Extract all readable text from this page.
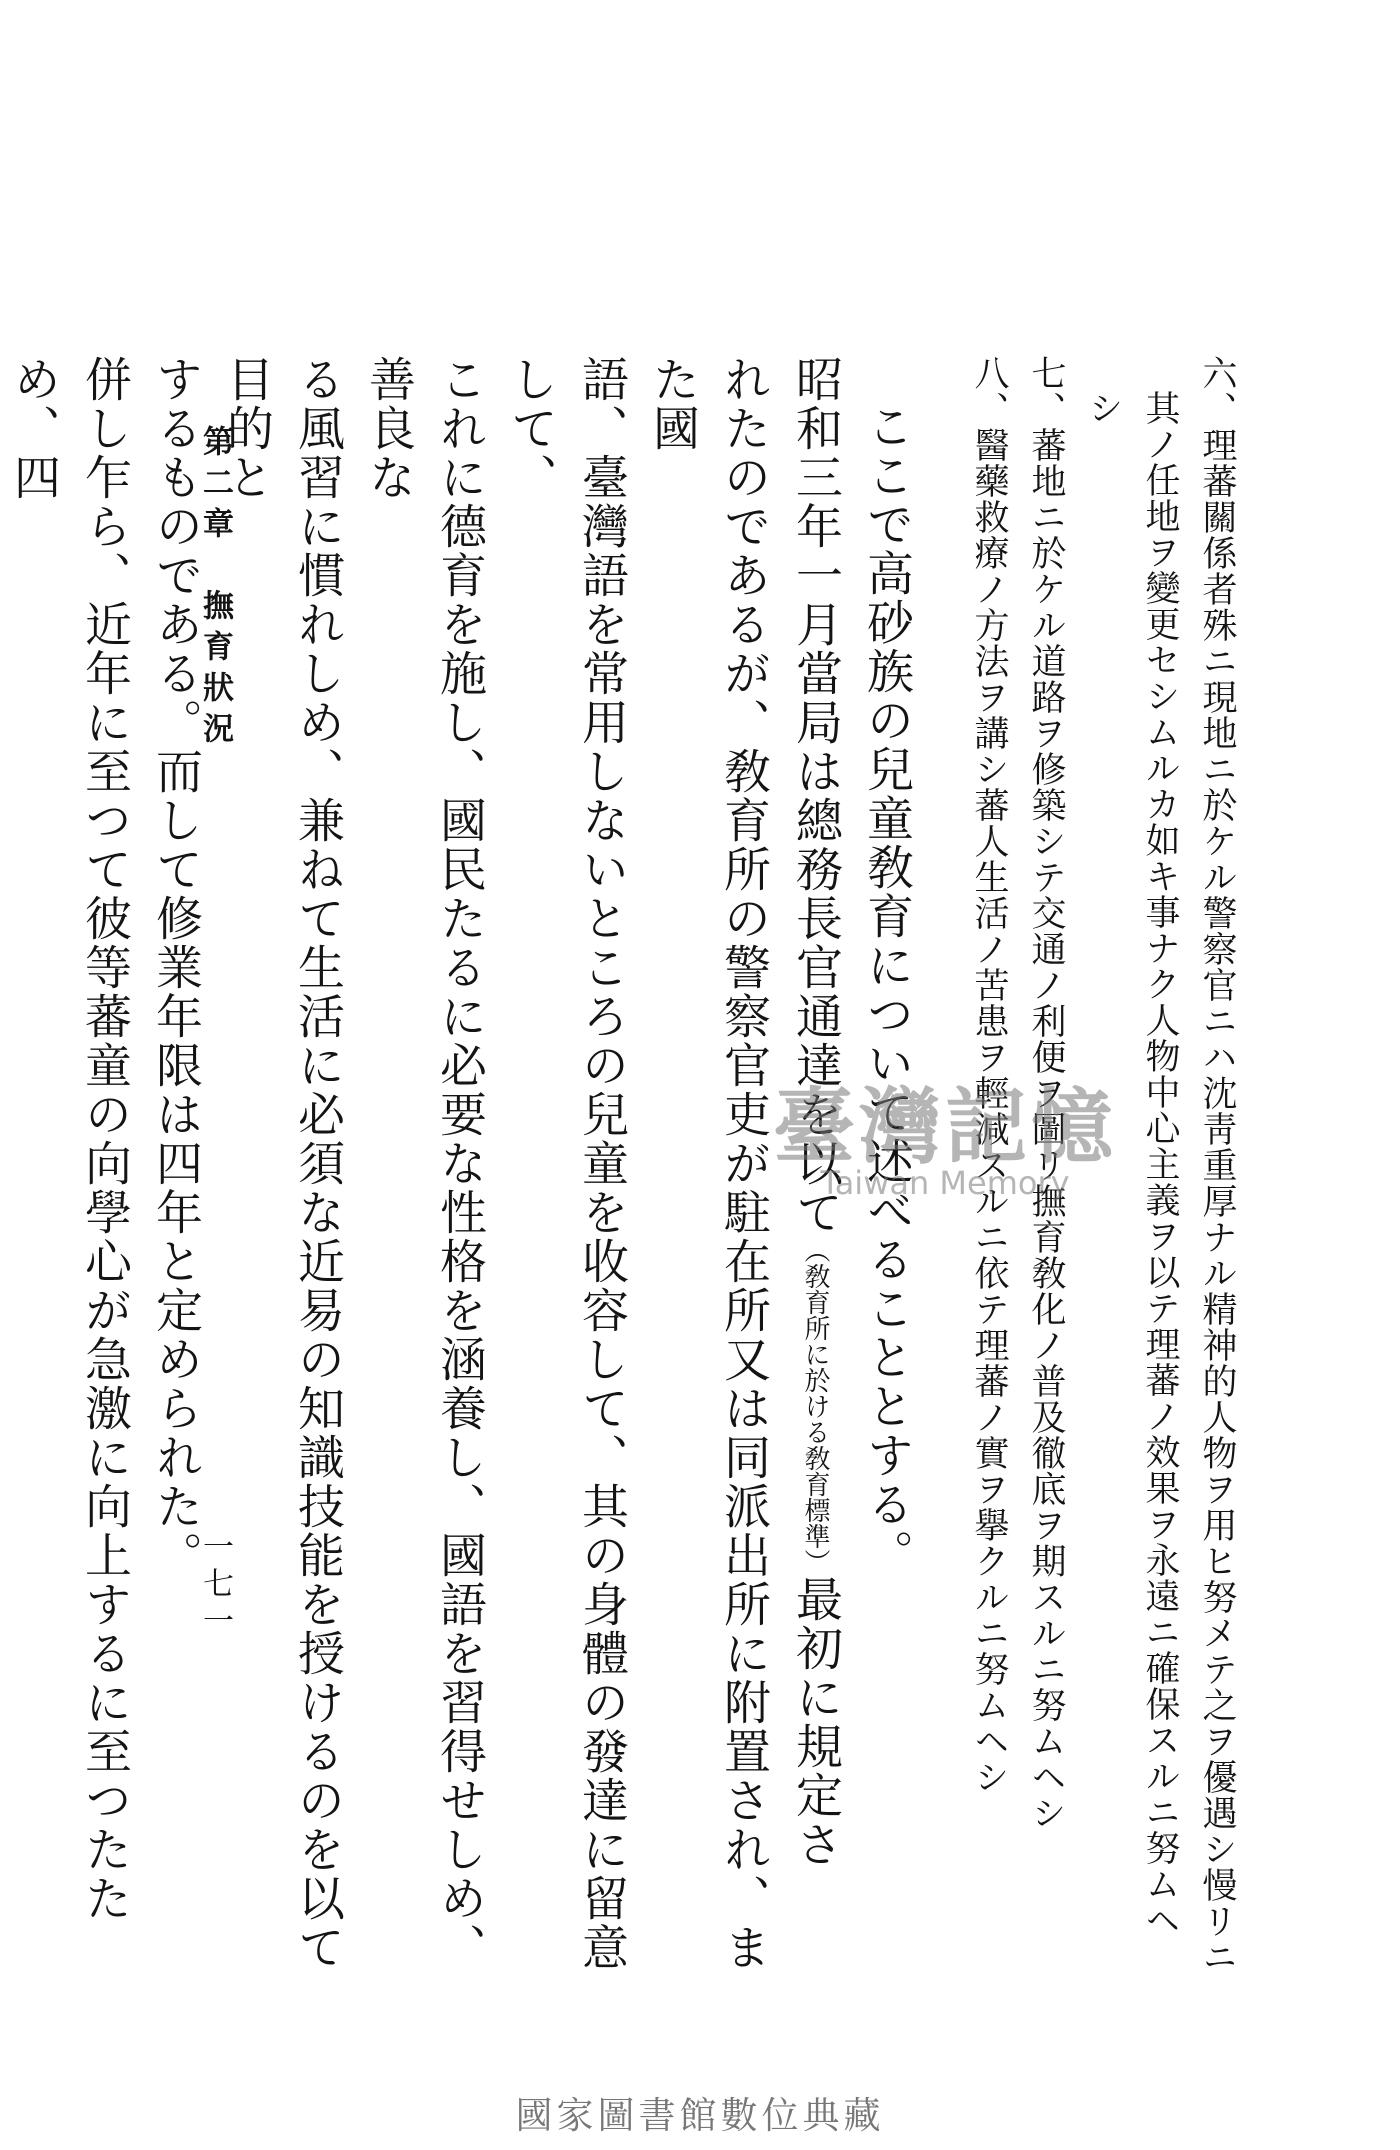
六、理蕃關係者殊ニ現地ニ於ケル警察官ニハ沈靑重厚ナル精神的人物ヲ用ヒ努メテ之ヲ優遇シ慢リニ
其ノ任地ヲ變更セシムルカ如キ事ナク人物中心主義ヲ以テ理蕃ノ效果ヲ永遠ニ確保スルニ努ムヘ
シ
七、蕃地ニ於ケル道路ヲ修築シテ交通ノ利便ヲ圖リ撫育敎化ノ普及徹底ヲ期スルニ努ムヘシ
八、醫藥救療ノ方法ヲ講シ蕃人生活ノ苦患ヲ輕減スルニ依テ理蕃ノ實ヲ擧クルニ努ムヘシ
ここで高砂族の兒童敎育について述べることとする。
昭和三年一月當局は總務長官通達を以て（敎育所に於ける敎育標準）最初に規定さ
れたのであるが、敎育所の警察官吏が駐在所又は同派出所に附置され、また國
語、臺灣語を常用しないところの兒童を收容して、其の身體の發達に留意して、
これに德育を施し、國民たるに必要な性格を涵養し、國語を習得せしめ、善良な
る風習に慣れしめ、兼ねて生活に必須な近易の知識技能を授けるのを以て目的と
するものである。而して修業年限は四年と定められた。
併し乍ら、近年に至つて彼等蕃童の向學心が急激に向上するに至つたため、四	第二章　撫育狀況
一七一
臺灣記憶
Taiwan Memory
國家圖書館數位典藏
